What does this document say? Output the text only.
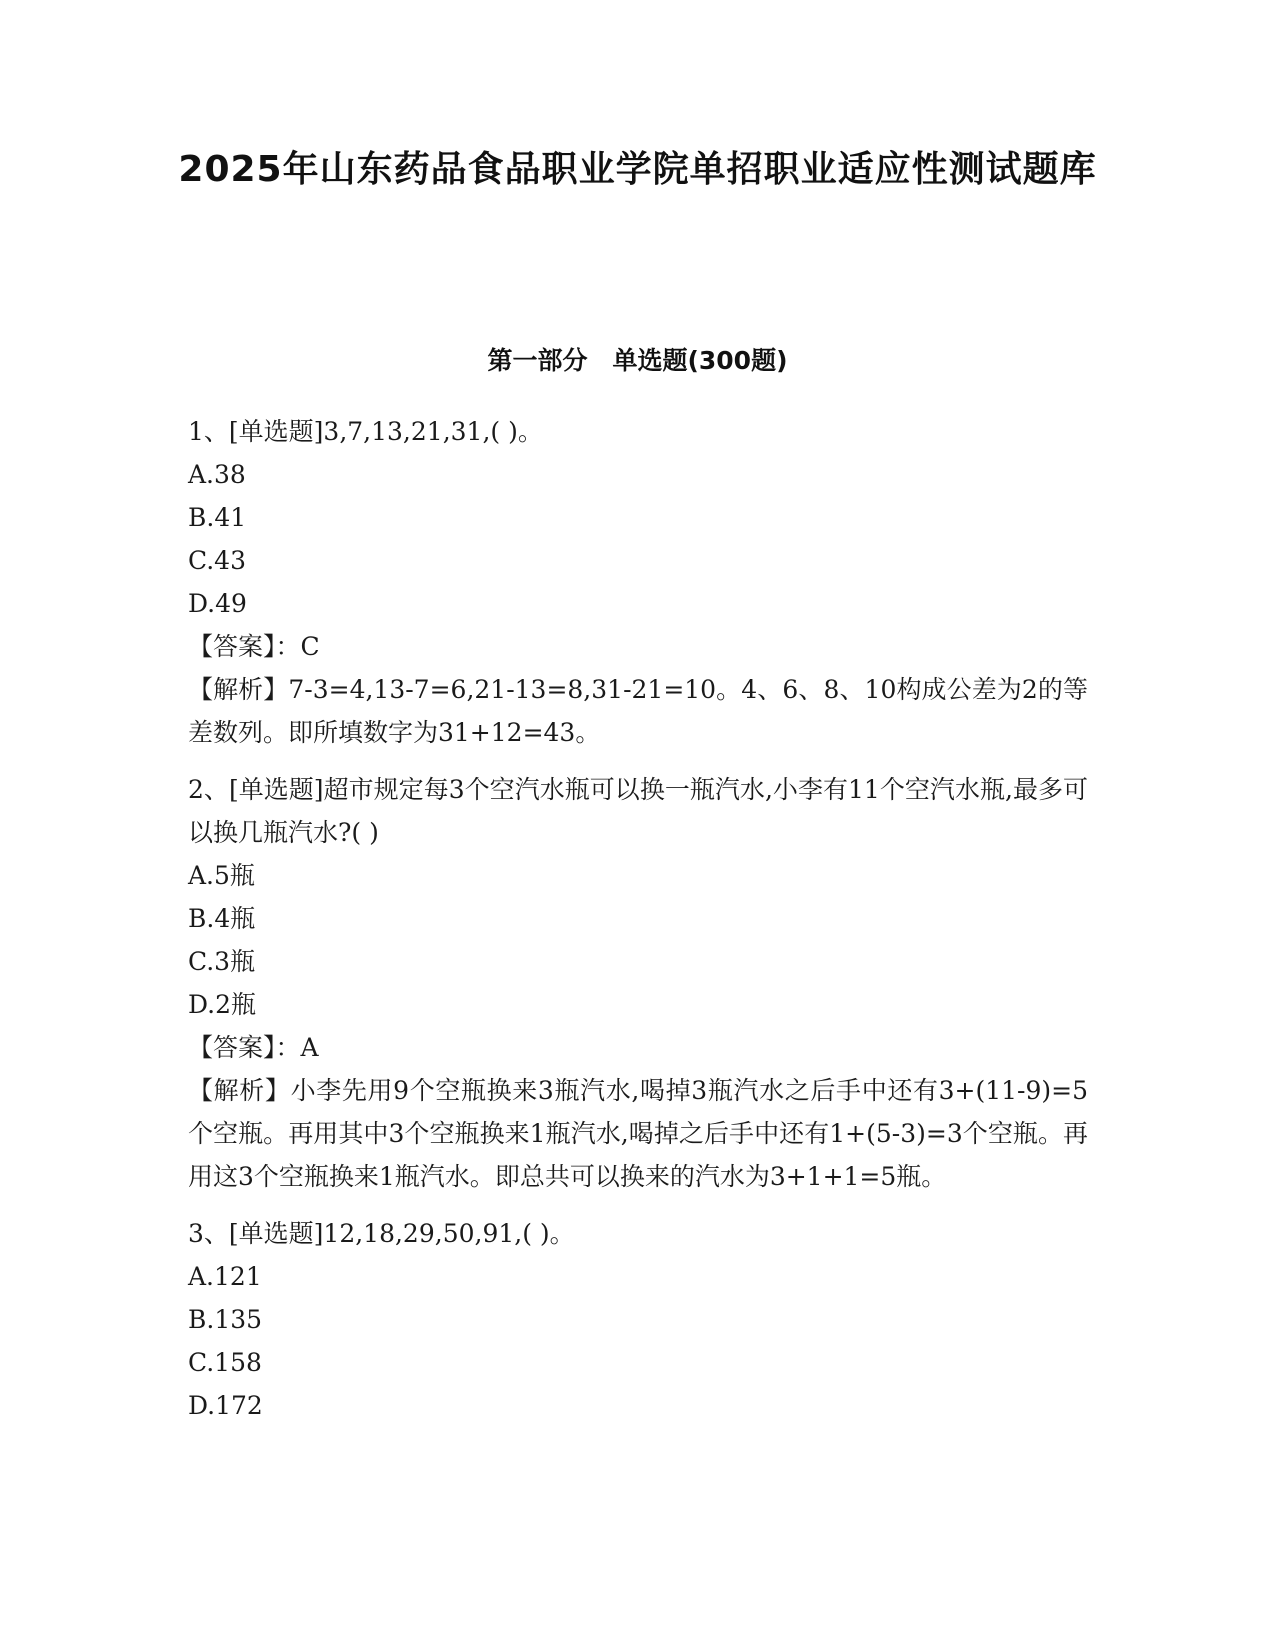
2025年山东药品食品职业学院单招职业适应性测试题库
第一部分　单选题(300题)
1、[单选题]3,7,13,21,31,( )。
A.38
B.41
C.43
D.49
【答案】：C
【解析】7-3=4,13-7=6,21-13=8,31-21=10。4、6、8、10构成公差为2的等差数列。即所填数字为31+12=43。
2、[单选题]超市规定每3个空汽水瓶可以换一瓶汽水,小李有11个空汽水瓶,最多可以换几瓶汽水?( )
A.5瓶
B.4瓶
C.3瓶
D.2瓶
【答案】：A
【解析】小李先用9个空瓶换来3瓶汽水,喝掉3瓶汽水之后手中还有3+(11-9)=5个空瓶。再用其中3个空瓶换来1瓶汽水,喝掉之后手中还有1+(5-3)=3个空瓶。再用这3个空瓶换来1瓶汽水。即总共可以换来的汽水为3+1+1=5瓶。
3、[单选题]12,18,29,50,91,( )。
A.121
B.135
C.158
D.172
